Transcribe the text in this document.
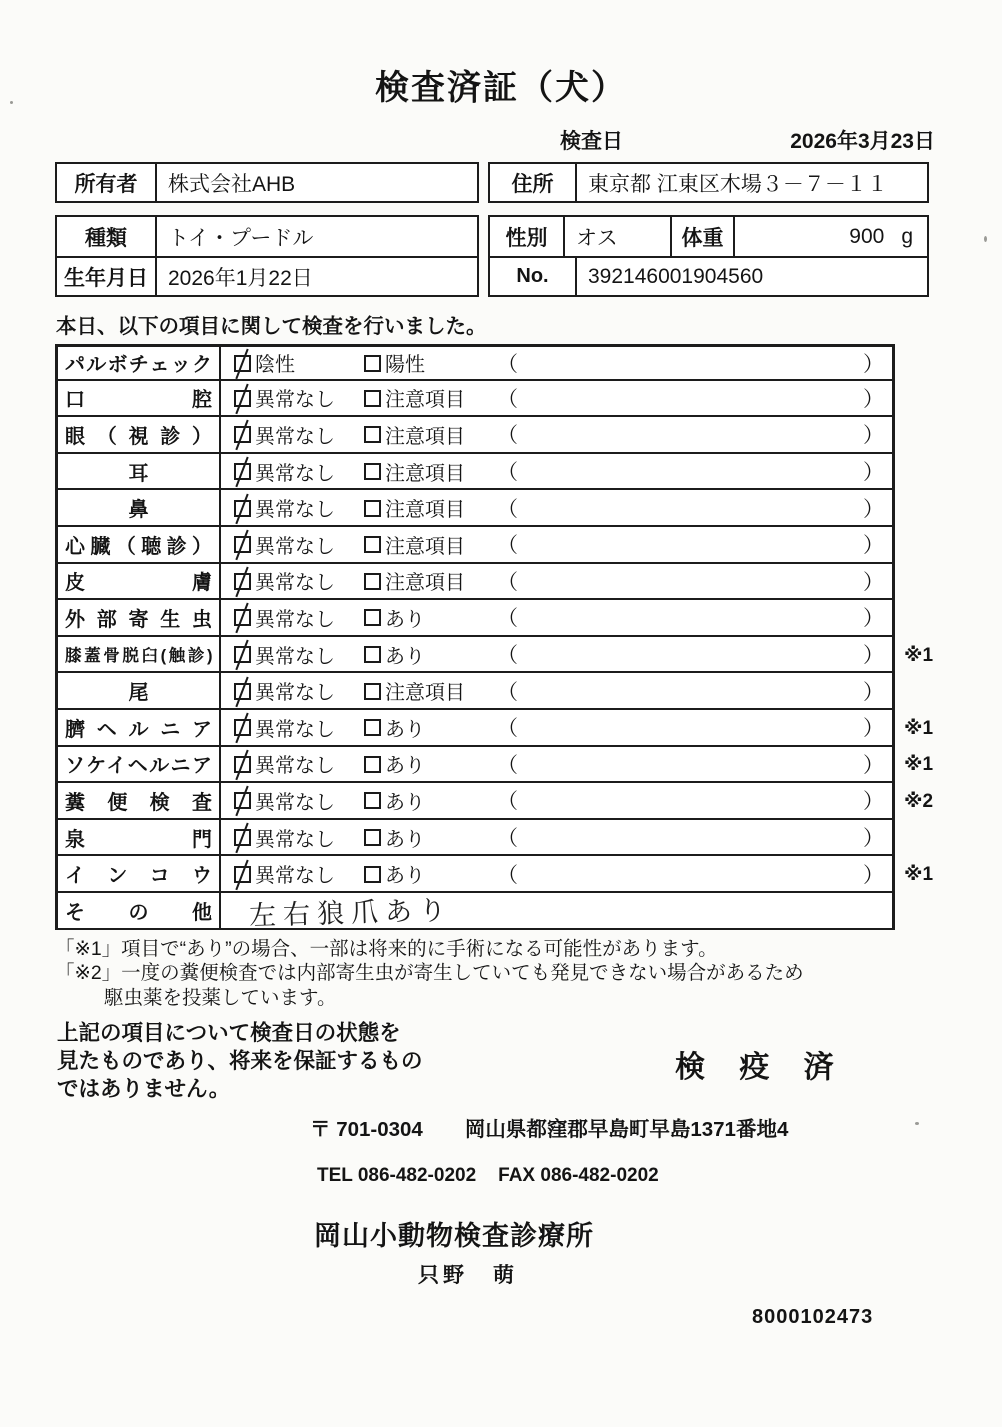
検査済証（犬）
検査日	2026年3月23日
所有者	株式会社AHB	住所	東京都 江東区木場３－７－１１
種類	トイ・プードル
生年月日 2026年1月22日
性別	オス	体重	900 g
No.	392146001904560
本日、以下の項目に関して検査を行いました。
パルボチェック 陰性	陽性	（	）
口腔 異常なし	注意項目	（	）
眼（視診） 異常なし	注意項目	（	）
耳	異常なし	注意項目	（	）
鼻	異常なし	注意項目	（	）
心臓（聴診） 異常なし	注意項目	（	）
皮膚 異常なし	注意項目	（	）
外部寄生虫 異常なし	あり	（	）
膝蓋骨脱臼(触診) 異常なし	あり	（	）	※1
尾	異常なし	注意項目	（	）
臍ヘルニア 異常なし	あり	（	）	※1
ソケイヘルニア 異常なし	あり	（	）	※1
糞便検査 異常なし	あり	（	）	※2
泉門 異常なし	あり	（	）
インコウ 異常なし	あり	（	）	※1
その他 左右狼爪あり
「※1」項目で“あり”の場合、一部は将来的に手術になる可能性があります。
「※2」一度の糞便検査では内部寄生虫が寄生していても発見できない場合があるため
駆虫薬を投薬しています。
上記の項目について検査日の状態を
見たものであり、将来を保証するもの
ではありません。
検 疫 済
〒 701-0304 岡山県都窪郡早島町早島1371番地4
TEL 086-482-0202 FAX 086-482-0202
岡山小動物検査診療所
只野　萌
8000102473
